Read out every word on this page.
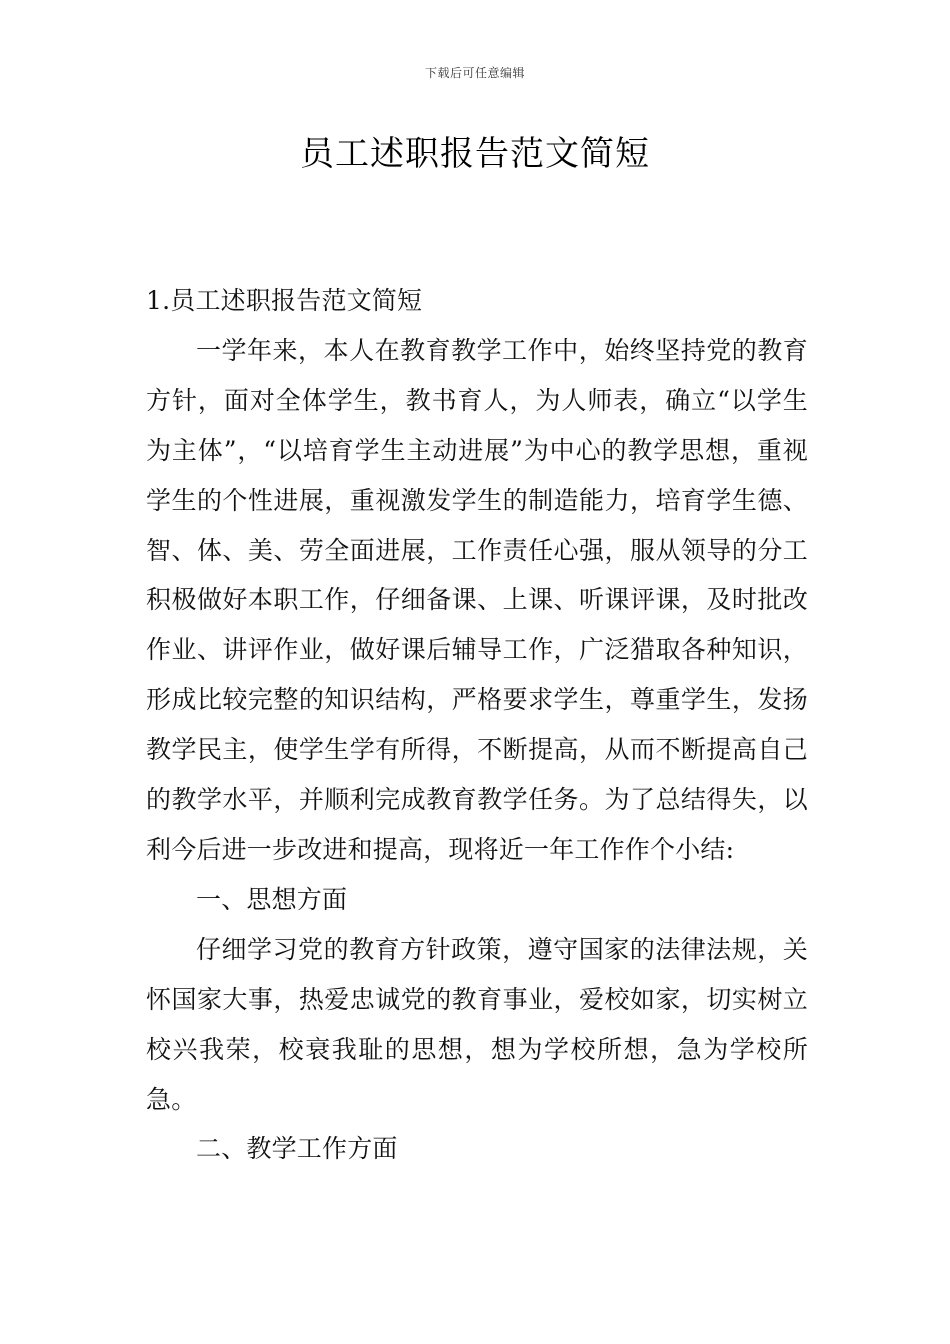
下载后可任意编辑
员工述职报告范文简短

1.员工述职报告范文简短

一学年来，本人在教育教学工作中，始终坚持党的教育方针，面对全体学生，教书育人，为人师表，确立“以学生为主体”，“以培育学生主动进展”为中心的教学思想，重视学生的个性进展，重视激发学生的制造能力，培育学生德、智、体、美、劳全面进展，工作责任心强，服从领导的分工积极做好本职工作，仔细备课、上课、听课评课，及时批改作业、讲评作业，做好课后辅导工作，广泛猎取各种知识，形成比较完整的知识结构，严格要求学生，尊重学生，发扬教学民主，使学生学有所得，不断提高，从而不断提高自己的教学水平，并顺利完成教育教学任务。为了总结得失，以利今后进一步改进和提高，现将近一年工作作个小结:

一、思想方面

仔细学习党的教育方针政策，遵守国家的法律法规，关怀国家大事，热爱忠诚党的教育事业，爱校如家，切实树立校兴我荣，校衰我耻的思想，想为学校所想，急为学校所急。

二、教学工作方面
